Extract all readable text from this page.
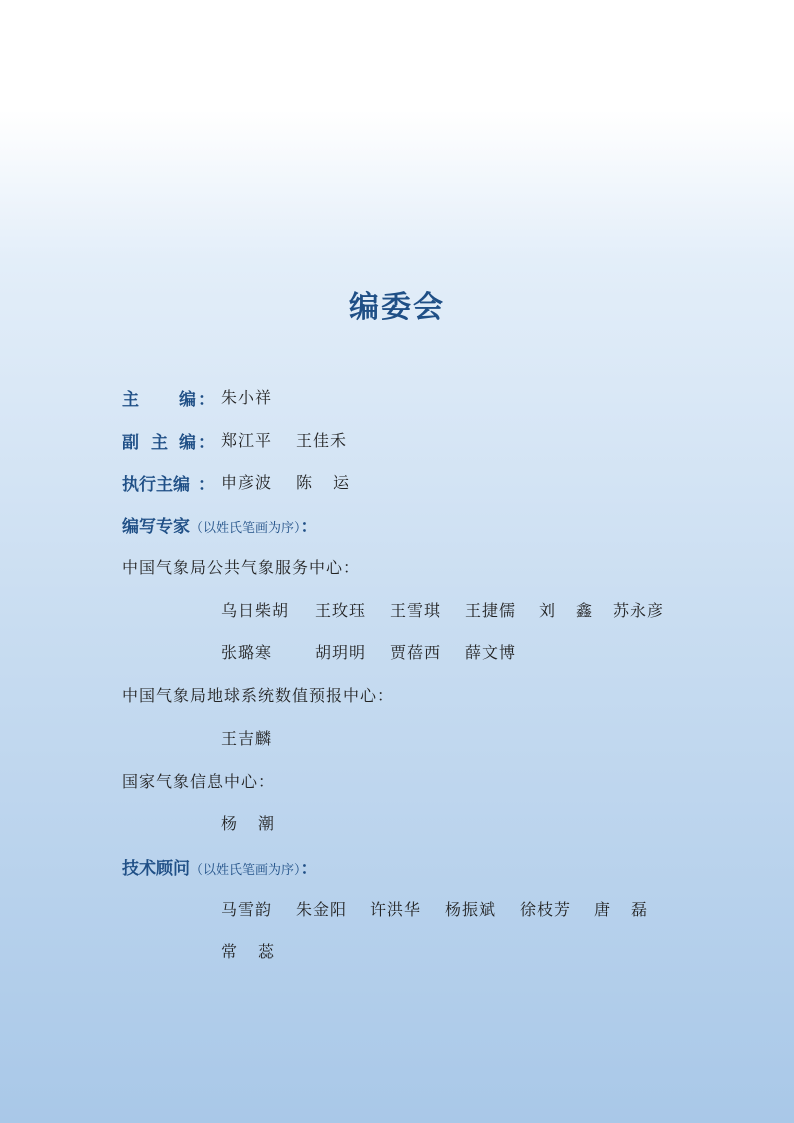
编委会
主 编 ： 朱小祥
副 主 编 ： 郑江平 王佳禾
执行主编 ： 申彦波 陈 运
编写专家（以姓氏笔画为序）：
中国气象局公共气象服务中心：
乌日柴胡 王玫珏 王雪琪 王捷儒 刘 鑫 苏永彦
张璐寒	胡玥明 贾蓓西 薛文博
中国气象局地球系统数值预报中心：
王吉麟
国家气象信息中心：
杨 潮
技术顾问（以姓氏笔画为序）：
马雪韵 朱金阳 许洪华 杨振斌 徐枝芳 唐 磊
常 蕊
